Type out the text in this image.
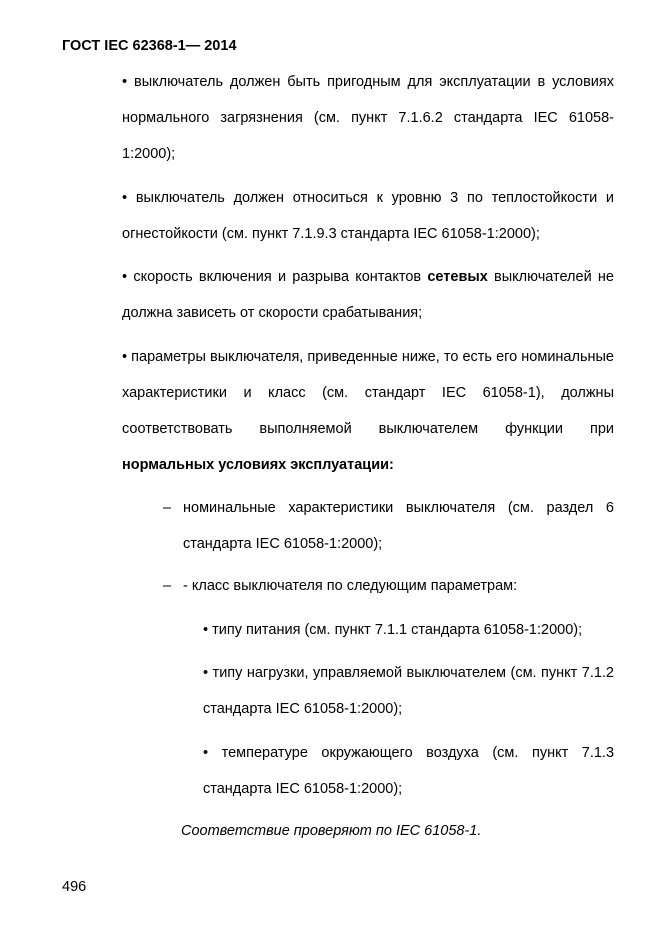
ГОСТ IEC 62368-1— 2014
• выключатель должен быть пригодным для эксплуатации в условиях нормального загрязнения (см. пункт 7.1.6.2 стандарта IEC 61058-1:2000);
• выключатель должен относиться к уровню 3 по теплостойкости и огнестойкости (см. пункт 7.1.9.3 стандарта IEC 61058-1:2000);
• скорость включения и разрыва контактов сетевых выключателей не должна зависеть от скорости срабатывания;
• параметры выключателя, приведенные ниже, то есть его номинальные характеристики и класс (см. стандарт IEC 61058-1), должны соответствовать выполняемой выключателем функции при нормальных условиях эксплуатации:
– номинальные характеристики выключателя (см. раздел 6 стандарта IEC 61058-1:2000);
– - класс выключателя по следующим параметрам:
• типу питания (см. пункт 7.1.1 стандарта 61058-1:2000);
• типу нагрузки, управляемой выключателем (см. пункт 7.1.2 стандарта IEC 61058-1:2000);
• температуре окружающего воздуха (см. пункт 7.1.3 стандарта IEC 61058-1:2000);
Соответствие проверяют по IEC 61058-1.
496
